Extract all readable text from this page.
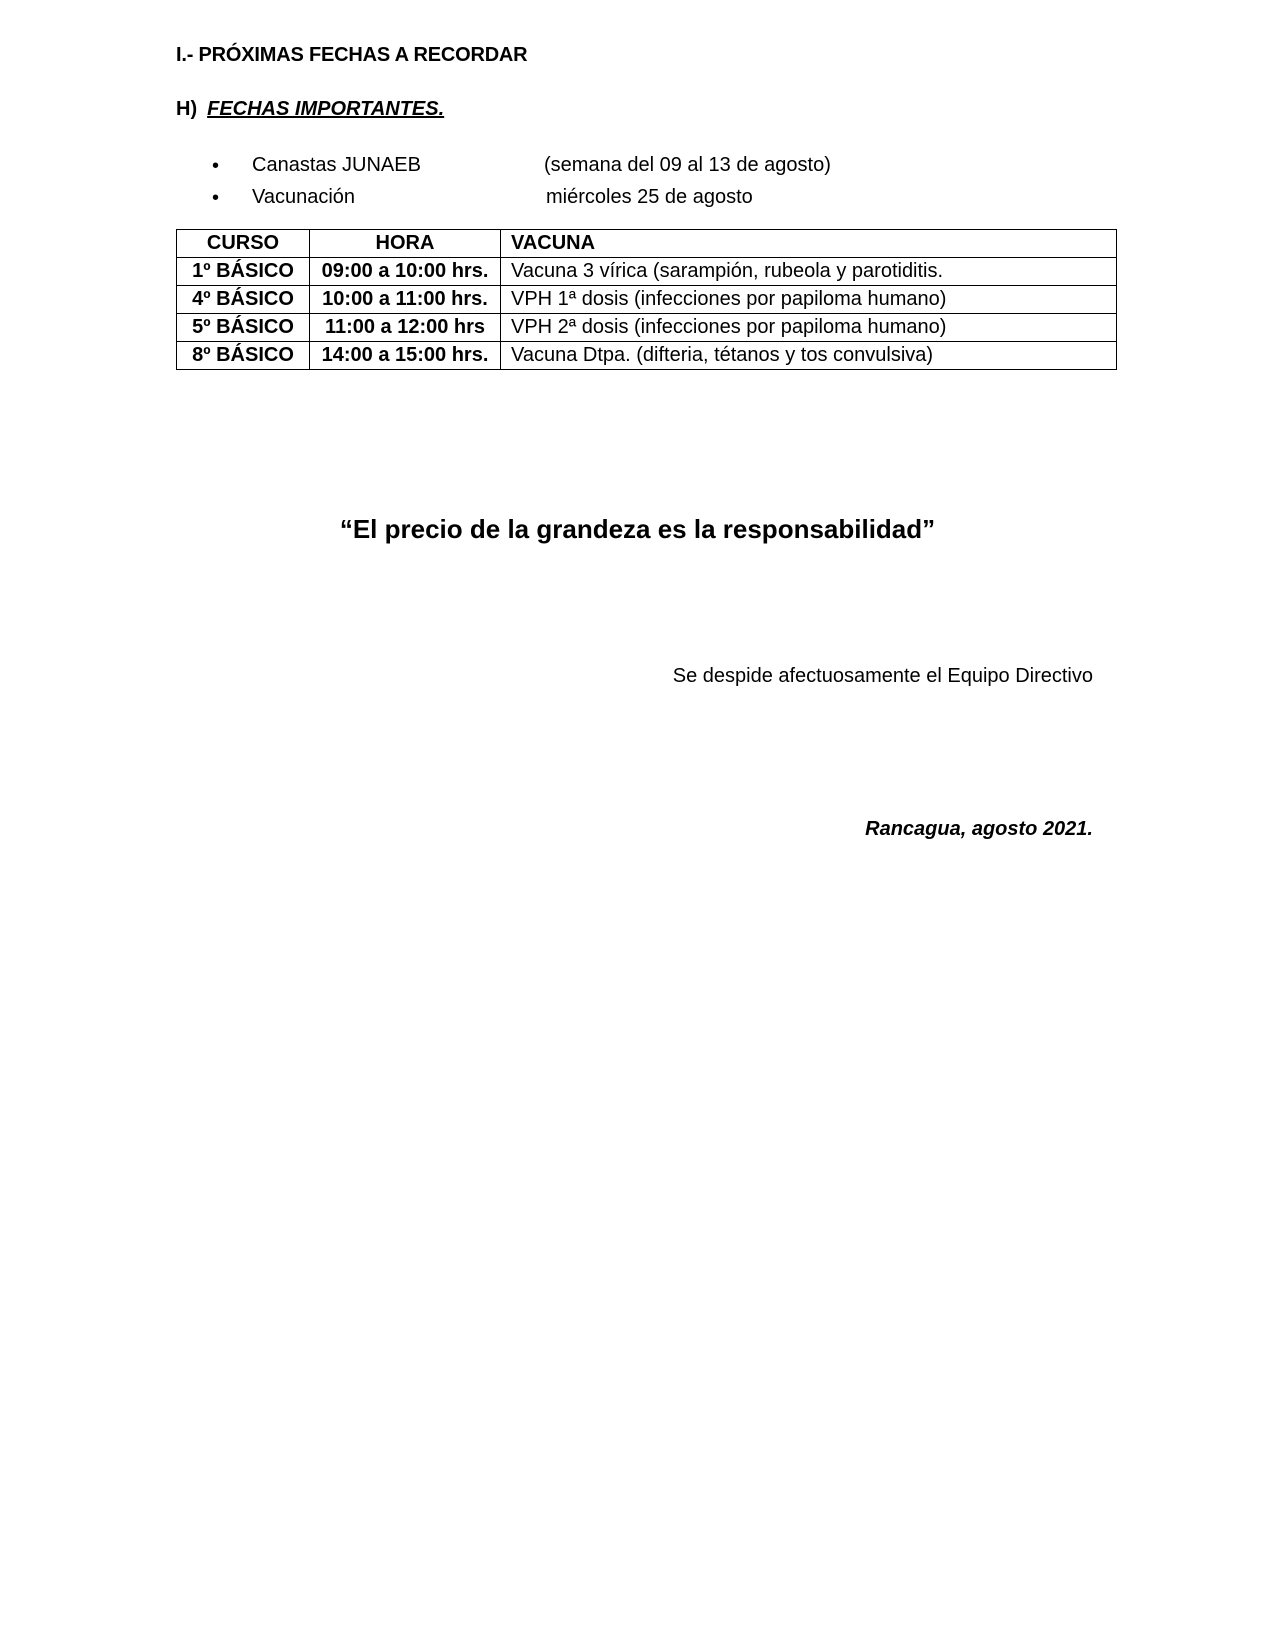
I.- PRÓXIMAS FECHAS A RECORDAR
H) FECHAS IMPORTANTES.
• Canastas JUNAEB	(semana del 09 al 13 de agosto)
• Vacunación	miércoles 25 de agosto
CURSO	HORA	VACUNA
1º BÁSICO	09:00 a 10:00 hrs.	Vacuna 3 vírica (sarampión, rubeola y parotiditis.
4º BÁSICO	10:00 a 11:00 hrs.	VPH 1ª dosis (infecciones por papiloma humano)
5º BÁSICO	11:00 a 12:00 hrs	VPH 2ª dosis (infecciones por papiloma humano)
8º BÁSICO	14:00 a 15:00 hrs.	Vacuna Dtpa. (difteria, tétanos y tos convulsiva)
“El precio de la grandeza es la responsabilidad”
Se despide afectuosamente el Equipo Directivo
Rancagua, agosto 2021.
